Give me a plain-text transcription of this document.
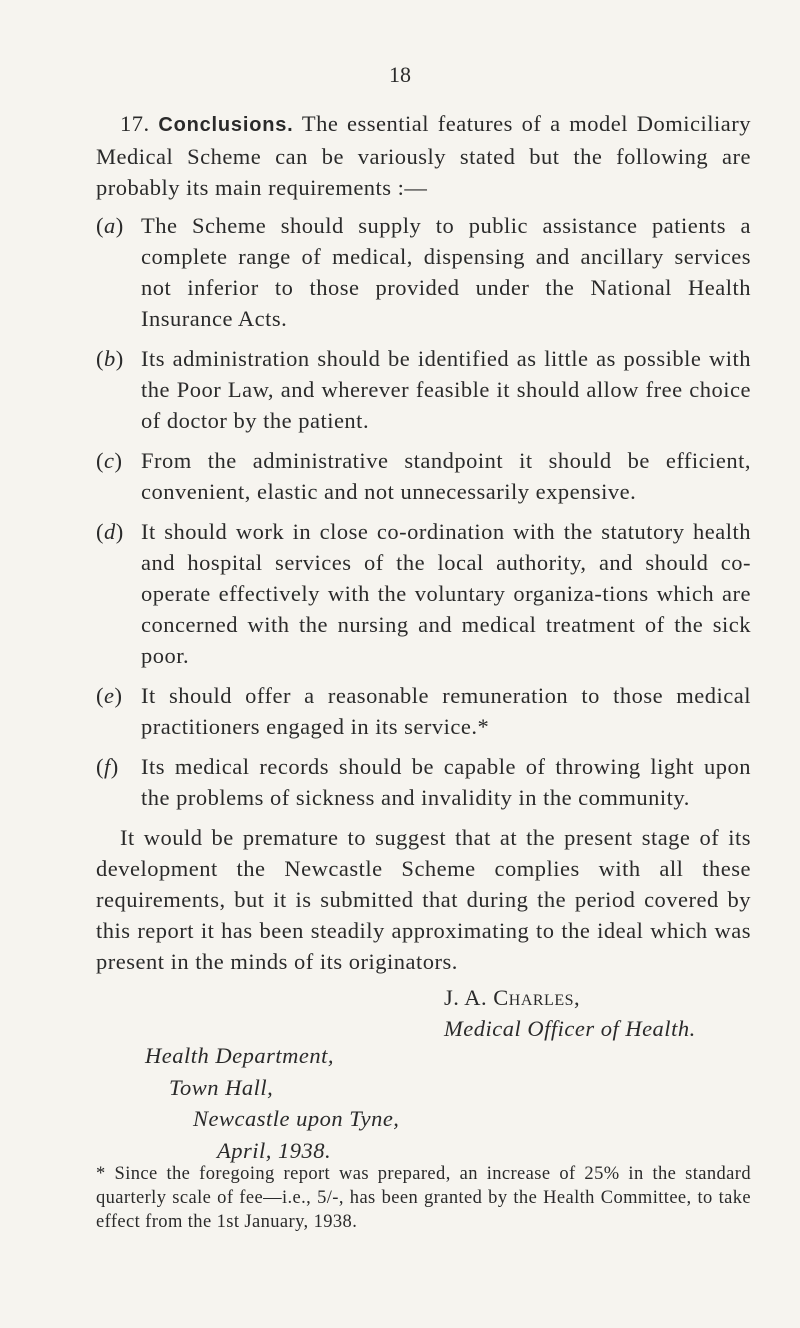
18

17. Conclusions. The essential features of a model Domiciliary Medical Scheme can be variously stated but the following are probably its main requirements :—

(a) The Scheme should supply to public assistance patients a complete range of medical, dispensing and ancillary services not inferior to those provided under the National Health Insurance Acts.
(b) Its administration should be identified as little as possible with the Poor Law, and wherever feasible it should allow free choice of doctor by the patient.
(c) From the administrative standpoint it should be efficient, convenient, elastic and not unnecessarily expensive.
(d) It should work in close co-ordination with the statutory health and hospital services of the local authority, and should co-operate effectively with the voluntary organiza-tions which are concerned with the nursing and medical treatment of the sick poor.
(e) It should offer a reasonable remuneration to those medical practitioners engaged in its service.*
(f) Its medical records should be capable of throwing light upon the problems of sickness and invalidity in the community.

It would be premature to suggest that at the present stage of its development the Newcastle Scheme complies with all these requirements, but it is submitted that during the period covered by this report it has been steadily approximating to the ideal which was present in the minds of its originators.

J. A. Charles,
Medical Officer of Health.
Health Department,
Town Hall,
Newcastle upon Tyne,
April, 1938.
* Since the foregoing report was prepared, an increase of 25% in the standard quarterly scale of fee—i.e., 5/-, has been granted by the Health Committee, to take effect from the 1st January, 1938.
